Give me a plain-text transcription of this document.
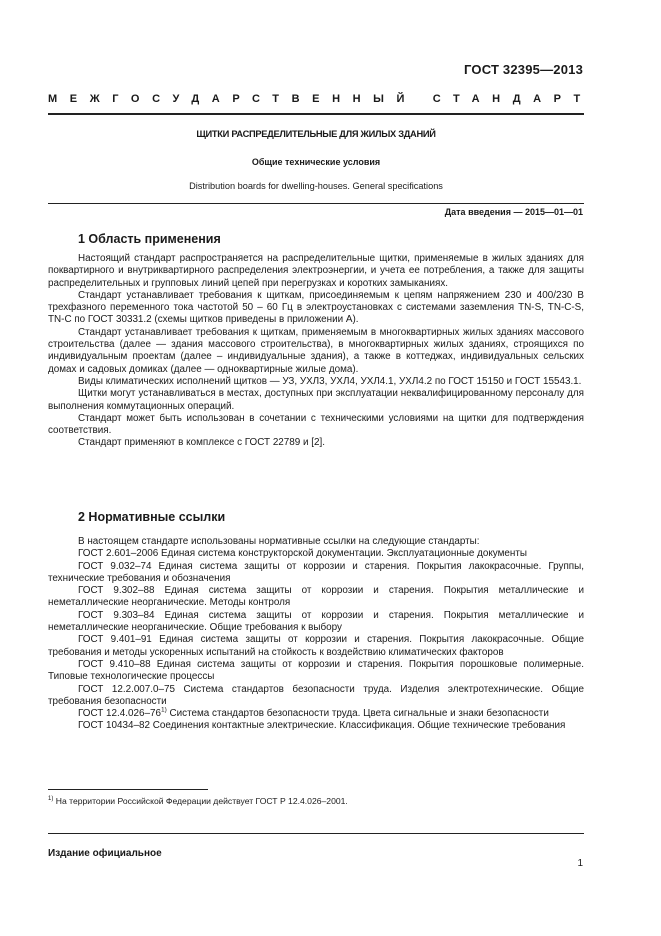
ГОСТ 32395—2013
МЕЖГОСУДАРСТВЕННЫЙ СТАНДАРТ
ЩИТКИ РАСПРЕДЕЛИТЕЛЬНЫЕ ДЛЯ ЖИЛЫХ ЗДАНИЙ
Общие технические условия
Distribution boards for dwelling-houses. General specifications
Дата введения — 2015—01—01
1 Область применения

Настоящий стандарт распространяется на распределительные щитки, применяемые в жилых зданиях для поквартирного и внутриквартирного распределения электроэнергии, и учета ее потребления, а также для защиты распределительных и групповых линий цепей при перегрузках и коротких замыканиях.

Стандарт устанавливает требования к щиткам, присоединяемым к цепям напряжением 230 и 400/230 В трехфазного переменного тока частотой 50 – 60 Гц в электроустановках с системами заземления TN-S, TN-C-S, TN-C по ГОСТ 30331.2 (схемы щитков приведены в приложении А).

Стандарт устанавливает требования к щиткам, применяемым в многоквартирных жилых зданиях массового строительства (далее — здания массового строительства), в многоквартирных жилых зданиях, строящихся по индивидуальным проектам (далее – индивидуальные здания), а также в коттеджах, индивидуальных сельских домах и садовых домиках (далее — одноквартирные жилые дома).

Виды климатических исполнений щитков — УЗ, УХЛ3, УХЛ4, УХЛ4.1, УХЛ4.2 по ГОСТ 15150 и ГОСТ 15543.1.

Щитки могут устанавливаться в местах, доступных при эксплуатации неквалифицированному персоналу для выполнения коммутационных операций.

Стандарт может быть использован в сочетании с техническими условиями на щитки для подтверждения соответствия.

Стандарт применяют в комплексе с ГОСТ 22789 и [2].

2 Нормативные ссылки

В настоящем стандарте использованы нормативные ссылки на следующие стандарты:

ГОСТ 2.601–2006 Единая система конструкторской документации. Эксплуатационные документы

ГОСТ 9.032–74 Единая система защиты от коррозии и старения. Покрытия лакокрасочные. Группы, технические требования и обозначения

ГОСТ 9.302–88 Единая система защиты от коррозии и старения. Покрытия металлические и неметаллические неорганические. Методы контроля

ГОСТ 9.303–84 Единая система защиты от коррозии и старения. Покрытия металлические и неметаллические неорганические. Общие требования к выбору

ГОСТ 9.401–91 Единая система защиты от коррозии и старения. Покрытия лакокрасочные. Общие требования и методы ускоренных испытаний на стойкость к воздействию климатических факторов

ГОСТ 9.410–88 Единая система защиты от коррозии и старения. Покрытия порошковые полимерные. Типовые технологические процессы

ГОСТ 12.2.007.0–75 Система стандартов безопасности труда. Изделия электротехнические. Общие требования безопасности

ГОСТ 12.4.026–76$^{1)}$ Система стандартов безопасности труда. Цвета сигнальные и знаки безопасности

ГОСТ 10434–82 Соединения контактные электрические. Классификация. Общие технические требования

$^{1)}$ На территории Российской Федерации действует ГОСТ Р 12.4.026–2001.
Издание официальное
1
